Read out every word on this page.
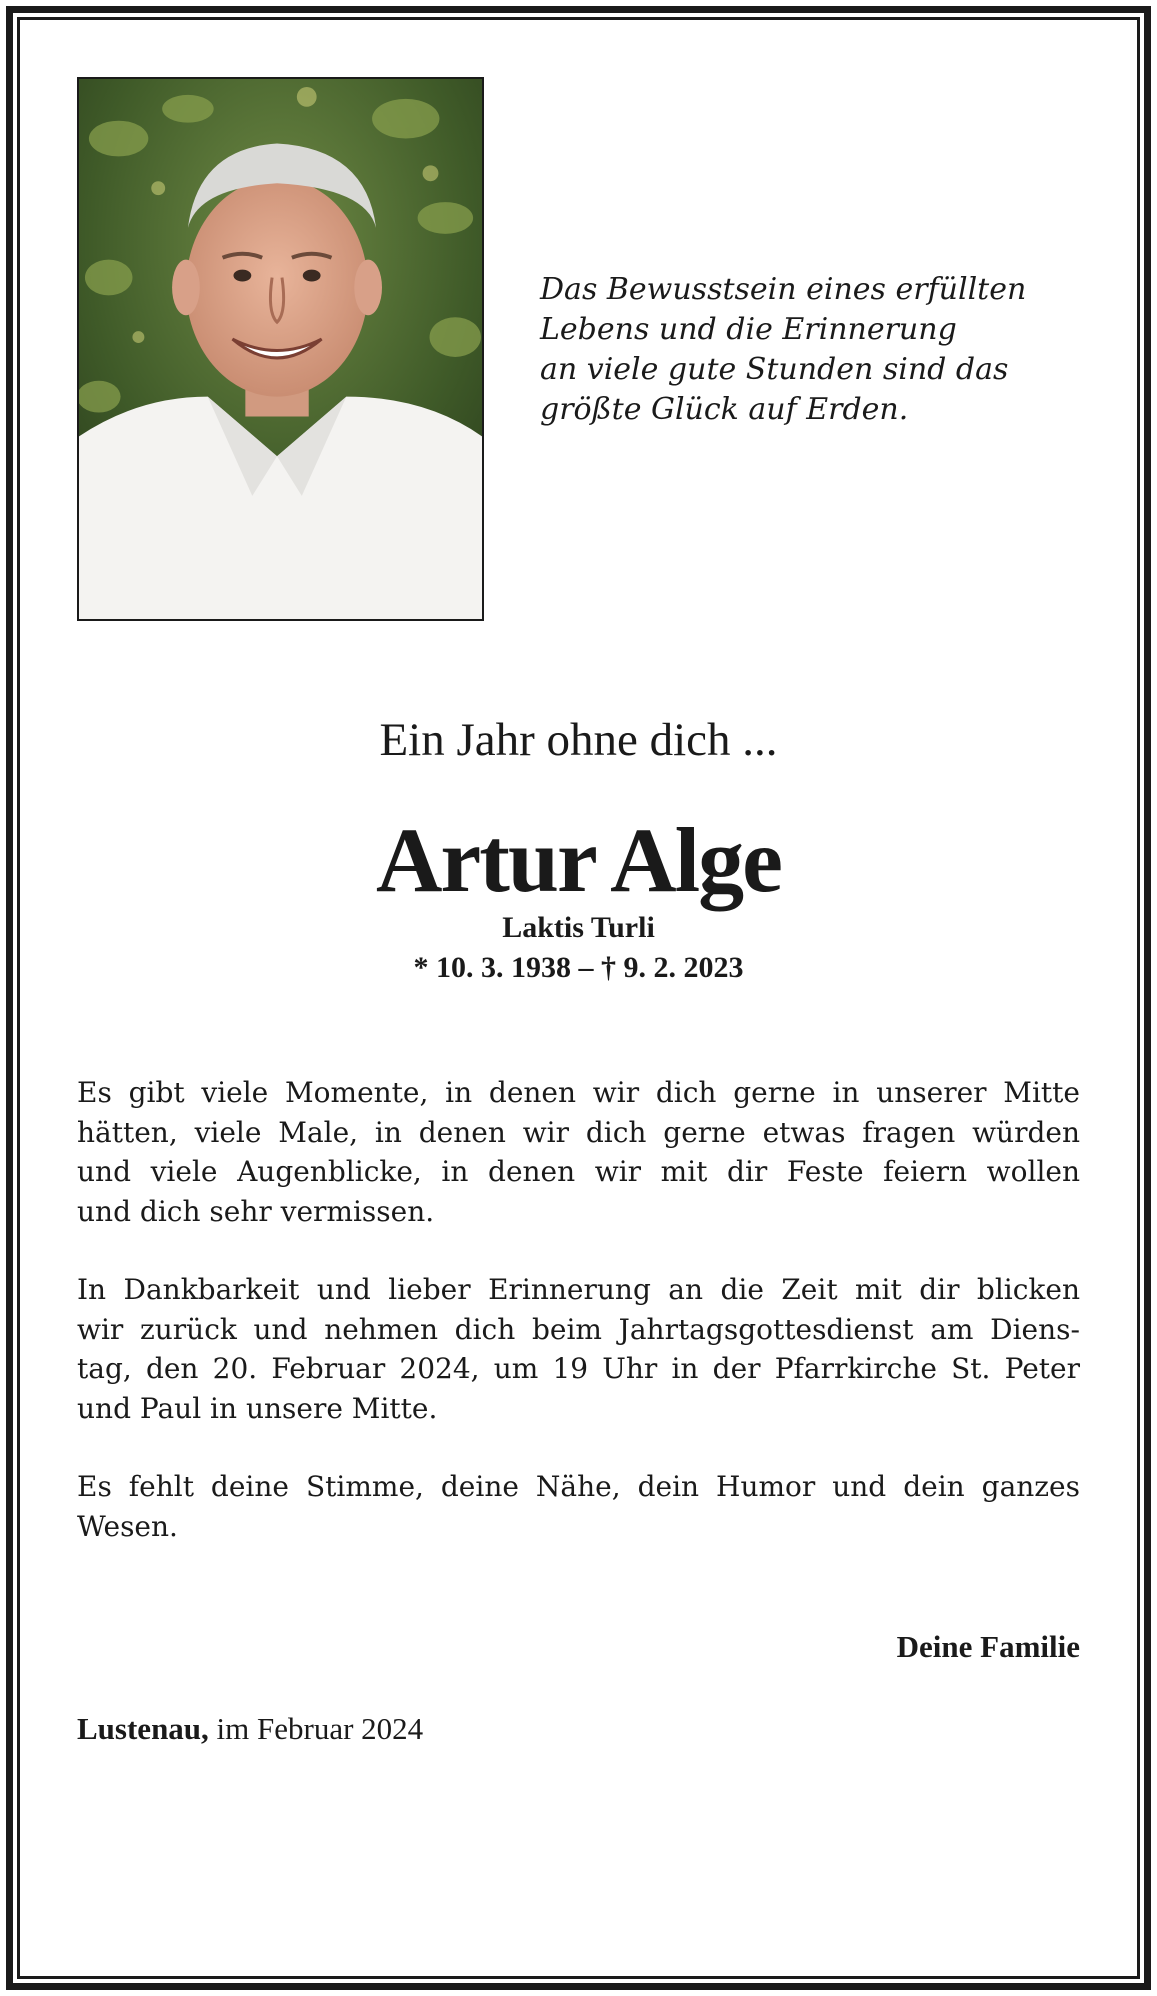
Das Bewusstsein eines erfüllten
Lebens und die Erinnerung
an viele gute Stunden sind das
größte Glück auf Erden.
Ein Jahr ohne dich ...
Artur Alge
Laktis Turli
* 10. 3. 1938 – † 9. 2. 2023
Es gibt viele Momente, in denen wir dich gerne in unserer Mitte
hätten, viele Male, in denen wir dich gerne etwas fragen würden
und viele Augenblicke, in denen wir mit dir Feste feiern wollen
und dich sehr vermissen.
In Dankbarkeit und lieber Erinnerung an die Zeit mit dir blicken
wir zurück und nehmen dich beim Jahrtagsgottesdienst am Diens-
tag, den 20. Februar 2024, um 19 Uhr in der Pfarrkirche St. Peter
und Paul in unsere Mitte.
Es fehlt deine Stimme, deine Nähe, dein Humor und dein ganzes
Wesen.
Deine Familie
Lustenau, im Februar 2024
